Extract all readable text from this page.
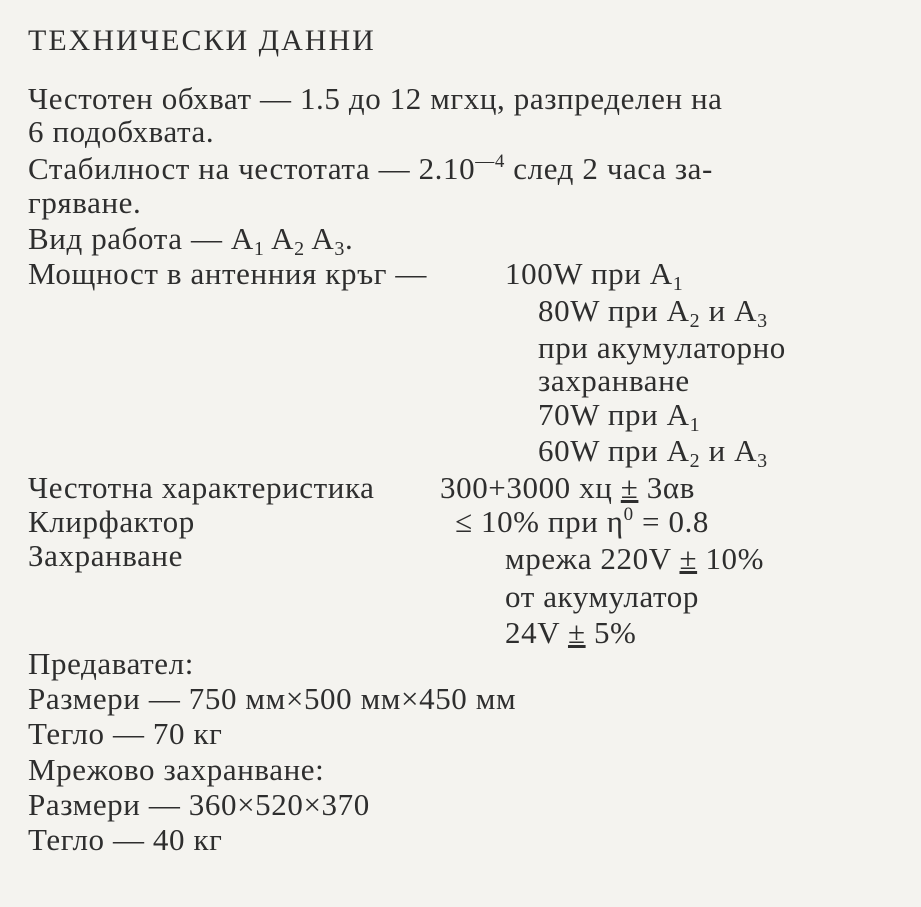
ТЕХНИЧЕСКИ ДАННИ
Честотен обхват — 1.5 до 12 мгхц, разпределен на
6 подобхвата.
Стабилност на честотата — $2.10^{—4}$ след 2 часа за-
гряване.
Вид работа — $A_1$ $A_2$ $A_3$.
Мощност в антенния кръг —	100W при $A_1$
80W при $A_2$ и $A_3$
при акумулаторно
захранване
70W при $A_1$
60W при $A_2$ и $A_3$
Честотна характеристика 300+3000 хц ± 3αв
Клирфактор	≤ 10% при $\eta^0 = 0.8$
Захранване	мрежа 220V ± 10%
от акумулатор
24V ± 5%
Предавател:
Размери — 750 мм×500 мм×450 мм
Тегло — 70 кг
Мрежово захранване:
Размери — 360×520×370
Тегло — 40 кг
